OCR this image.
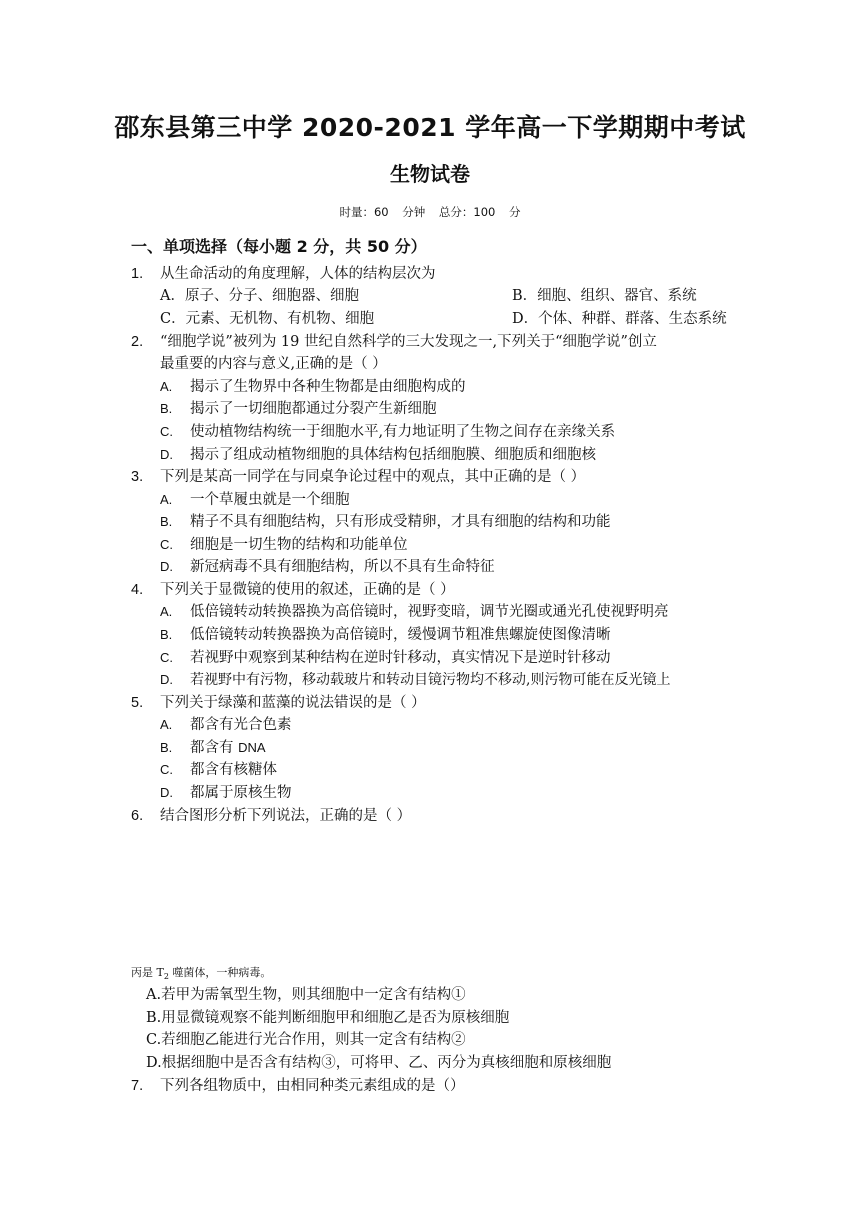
邵东县第三中学 2020-2021 学年高一下学期期中考试
生物试卷
时量：60 分钟 总分：100 分
一、单项选择（每小题 2 分，共 50 分）
1. 从生命活动的角度理解，人体的结构层次为
A．原子、分子、细胞器、细胞	B．细胞、组织、器官、系统
C．元素、无机物、有机物、细胞	D．个体、种群、群落、生态系统
2. “细胞学说”被列为 19 世纪自然科学的三大发现之一,下列关于“细胞学说”创立
最重要的内容与意义,正确的是（ ）
A. 揭示了生物界中各种生物都是由细胞构成的
B. 揭示了一切细胞都通过分裂产生新细胞
C. 使动植物结构统一于细胞水平,有力地证明了生物之间存在亲缘关系
D. 揭示了组成动植物细胞的具体结构包括细胞膜、细胞质和细胞核
3. 下列是某高一同学在与同桌争论过程中的观点，其中正确的是（ ）
A. 一个草履虫就是一个细胞
B. 精子不具有细胞结构，只有形成受精卵，才具有细胞的结构和功能
C. 细胞是一切生物的结构和功能单位
D. 新冠病毒不具有细胞结构，所以不具有生命特征
4. 下列关于显微镜的使用的叙述，正确的是（ ）
A. 低倍镜转动转换器换为高倍镜时，视野变暗，调节光圈或通光孔使视野明亮
B. 低倍镜转动转换器换为高倍镜时，缓慢调节粗准焦螺旋使图像清晰
C. 若视野中观察到某种结构在逆时针移动，真实情况下是逆时针移动
D. 若视野中有污物，移动载玻片和转动目镜污物均不移动,则污物可能在反光镜上
5. 下列关于绿藻和蓝藻的说法错误的是（ ）
A. 都含有光合色素
B. 都含有 DNA
C. 都含有核糖体
D. 都属于原核生物
6. 结合图形分析下列说法，正确的是（ ）
丙是 $T_2$ 噬菌体，一种病毒。
A.若甲为需氧型生物，则其细胞中一定含有结构①
B.用显微镜观察不能判断细胞甲和细胞乙是否为原核细胞
C.若细胞乙能进行光合作用，则其一定含有结构②
D.根据细胞中是否含有结构③，可将甲、乙、丙分为真核细胞和原核细胞
7. 下列各组物质中，由相同种类元素组成的是（）
